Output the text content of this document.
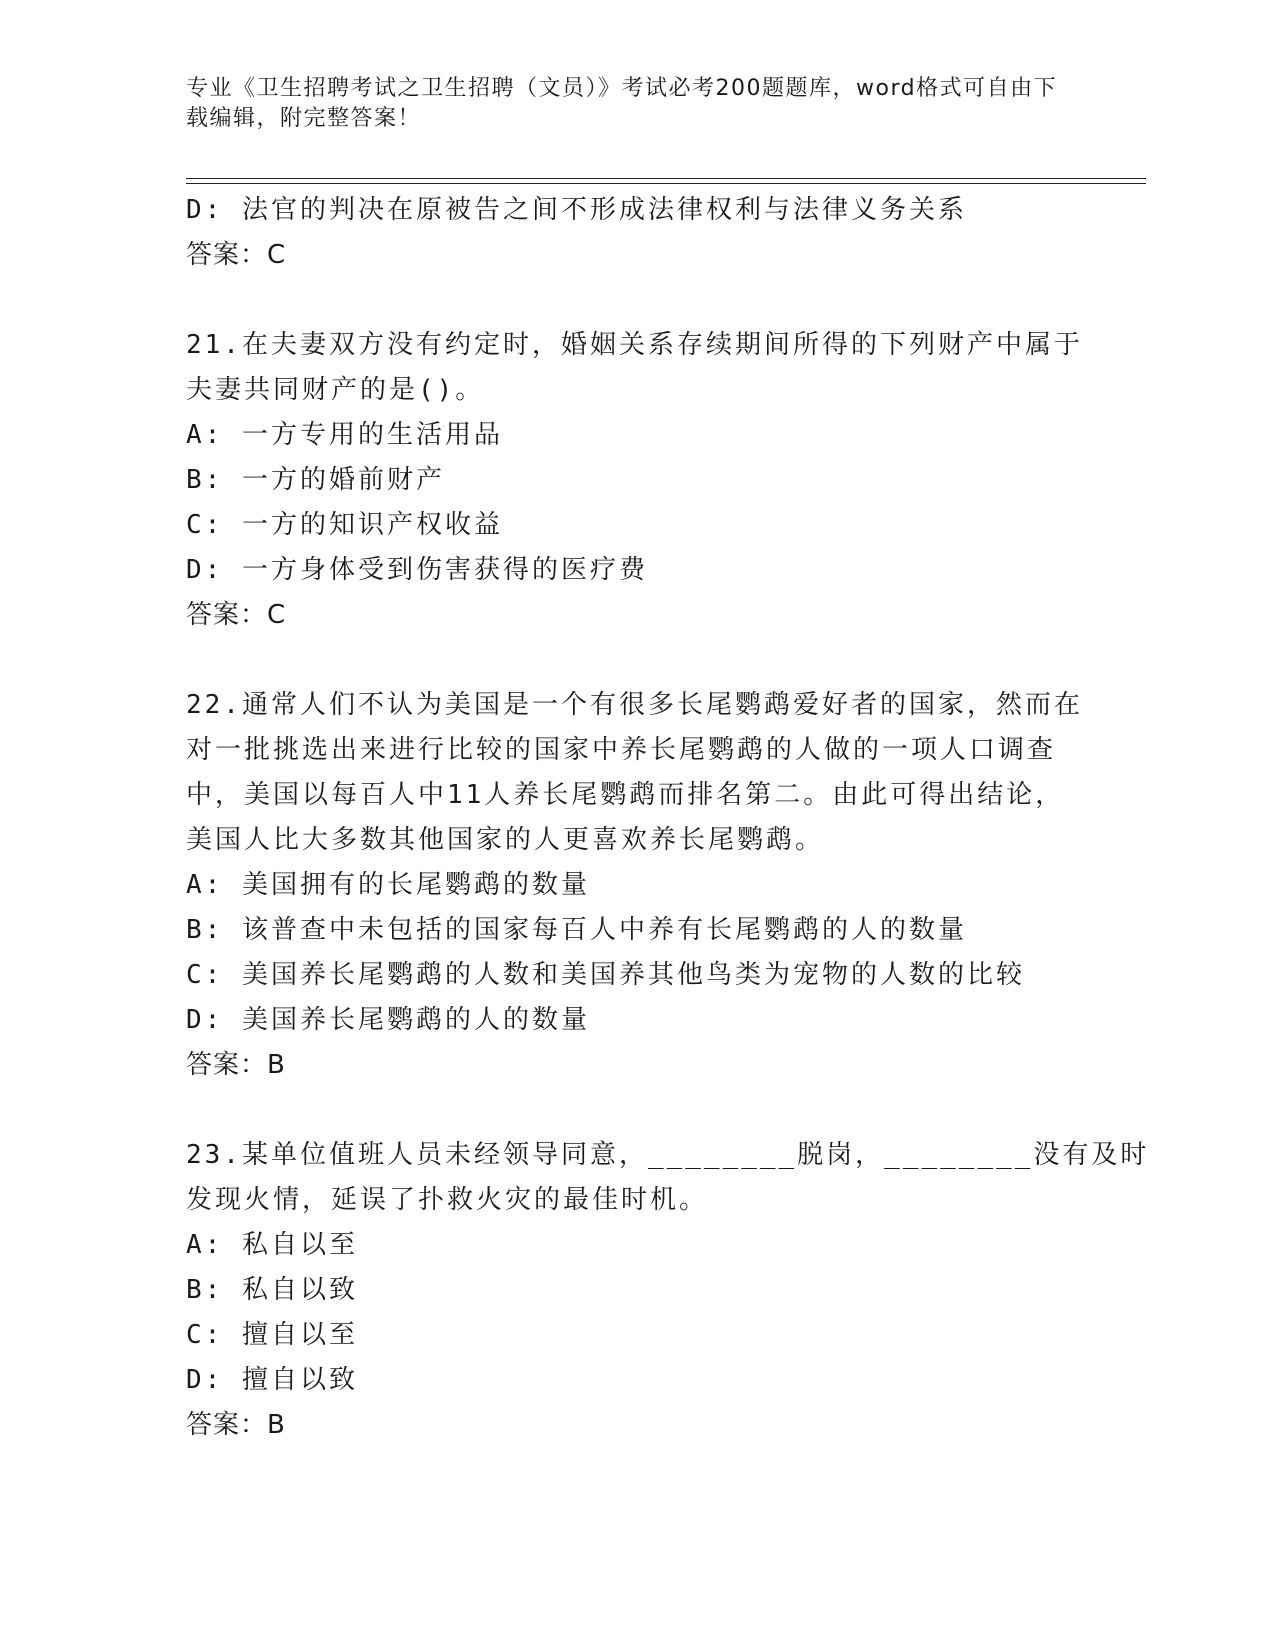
专业《卫生招聘考试之卫生招聘（文员）》考试必考200题题库，word格式可自由下载编辑，附完整答案！
D: 法官的判决在原被告之间不形成法律权利与法律义务关系
答案：C
21.在夫妻双方没有约定时，婚姻关系存续期间所得的下列财产中属于
夫妻共同财产的是()。
A: 一方专用的生活用品
B: 一方的婚前财产
C: 一方的知识产权收益
D: 一方身体受到伤害获得的医疗费
答案：C
22.通常人们不认为美国是一个有很多长尾鹦鹉爱好者的国家，然而在
对一批挑选出来进行比较的国家中养长尾鹦鹉的人做的一项人口调查
中，美国以每百人中11人养长尾鹦鹉而排名第二。由此可得出结论，
美国人比大多数其他国家的人更喜欢养长尾鹦鹉。
A: 美国拥有的长尾鹦鹉的数量
B: 该普查中未包括的国家每百人中养有长尾鹦鹉的人的数量
C: 美国养长尾鹦鹉的人数和美国养其他鸟类为宠物的人数的比较
D: 美国养长尾鹦鹉的人的数量
答案：B
23.某单位值班人员未经领导同意，________脱岗，________没有及时
发现火情，延误了扑救火灾的最佳时机。
A: 私自以至
B: 私自以致
C: 擅自以至
D: 擅自以致
答案：B
